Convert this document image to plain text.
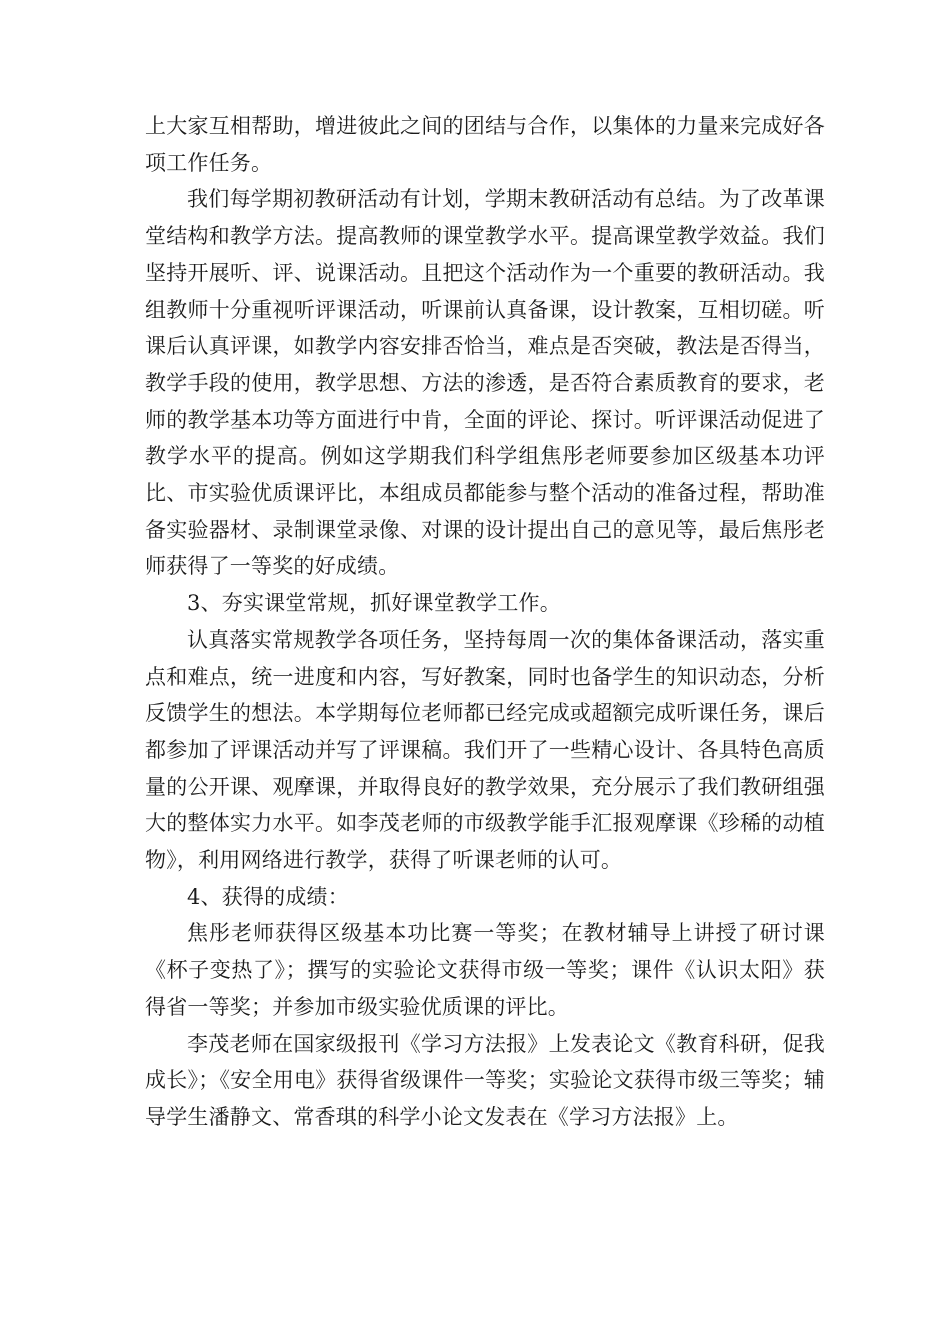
上大家互相帮助，增进彼此之间的团结与合作，以集体的力量来完成好各项工作任务。

我们每学期初教研活动有计划，学期末教研活动有总结。为了改革课堂结构和教学方法。提高教师的课堂教学水平。提高课堂教学效益。我们坚持开展听、评、说课活动。且把这个活动作为一个重要的教研活动。我组教师十分重视听评课活动，听课前认真备课，设计教案，互相切磋。听课后认真评课，如教学内容安排否恰当，难点是否突破，教法是否得当，教学手段的使用，教学思想、方法的渗透，是否符合素质教育的要求，老师的教学基本功等方面进行中肯，全面的评论、探讨。听评课活动促进了教学水平的提高。例如这学期我们科学组焦彤老师要参加区级基本功评比、市实验优质课评比，本组成员都能参与整个活动的准备过程，帮助准备实验器材、录制课堂录像、对课的设计提出自己的意见等，最后焦彤老师获得了一等奖的好成绩。

3、夯实课堂常规，抓好课堂教学工作。

认真落实常规教学各项任务，坚持每周一次的集体备课活动，落实重点和难点，统一进度和内容，写好教案，同时也备学生的知识动态，分析反馈学生的想法。本学期每位老师都已经完成或超额完成听课任务，课后都参加了评课活动并写了评课稿。我们开了一些精心设计、各具特色高质量的公开课、观摩课，并取得良好的教学效果，充分展示了我们教研组强大的整体实力水平。如李茂老师的市级教学能手汇报观摩课《珍稀的动植物》，利用网络进行教学，获得了听课老师的认可。

4、获得的成绩：

焦彤老师获得区级基本功比赛一等奖；在教材辅导上讲授了研讨课《杯子变热了》；撰写的实验论文获得市级一等奖；课件《认识太阳》获得省一等奖；并参加市级实验优质课的评比。

李茂老师在国家级报刊《学习方法报》上发表论文《教育科研，促我成长》；《安全用电》获得省级课件一等奖；实验论文获得市级三等奖；辅导学生潘静文、常香琪的科学小论文发表在《学习方法报》上。
